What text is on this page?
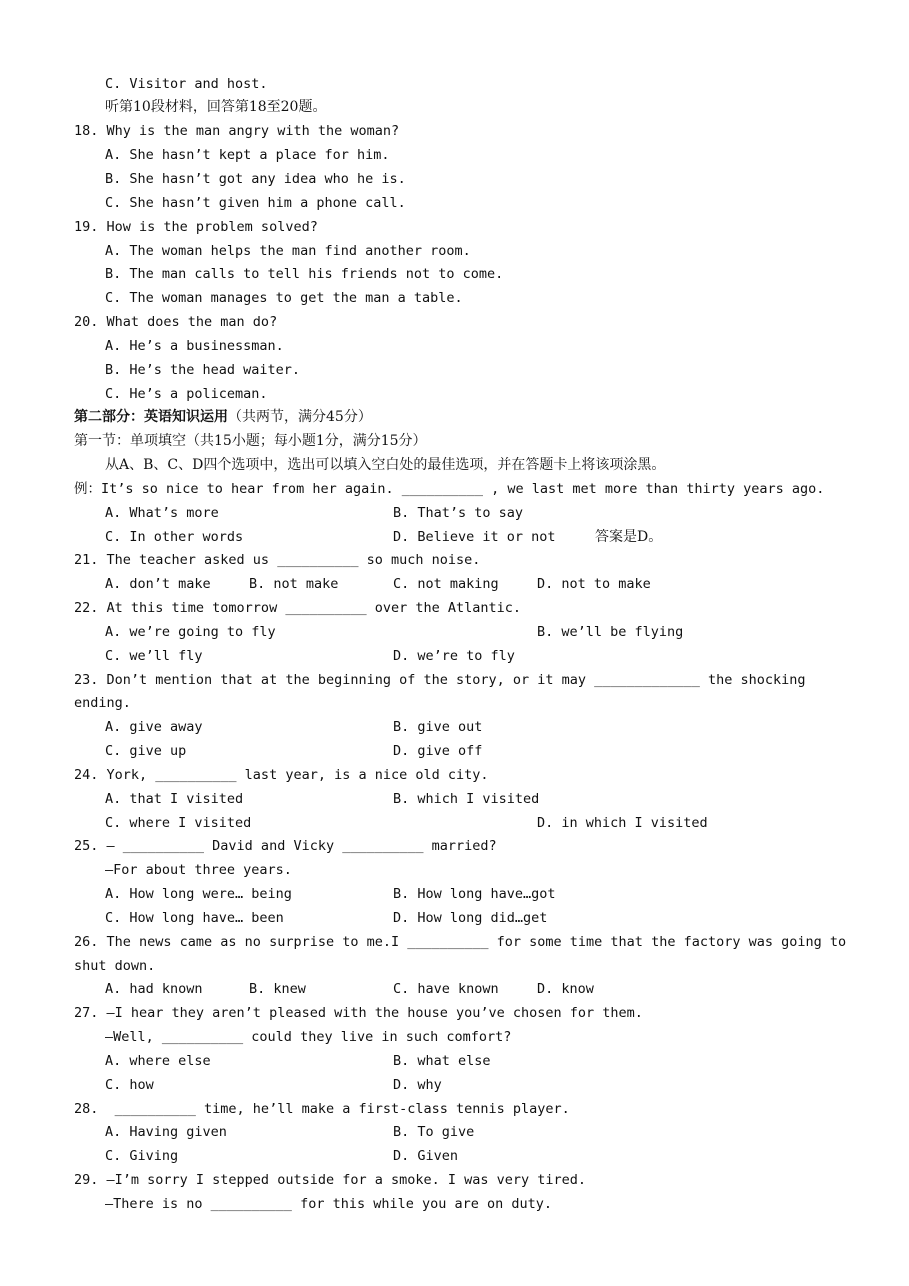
C. Visitor and host.
听第10段材料，回答第18至20题。
18. Why is the man angry with the woman?
A. She hasn’t kept a place for him.
B. She hasn’t got any idea who he is.
C. She hasn’t given him a phone call.
19. How is the problem solved?
A. The woman helps the man find another room.
B. The man calls to tell his friends not to come.
C. The woman manages to get the man a table.
20. What does the man do?
A. He’s a businessman.
B. He’s the head waiter.
C. He’s a policeman.
第二部分：英语知识运用（共两节，满分45分）
第一节：单项填空（共15小题；每小题1分，满分15分）
从A、B、C、D四个选项中，选出可以填入空白处的最佳选项，并在答题卡上将该项涂黑。
例：It’s so nice to hear from her again. __________ , we last met more than thirty years ago.
A. What’s more	B. That’s to say
C. In other words	D. Believe it or not	答案是D。
21. The teacher asked us __________ so much noise.
A. don’t make	B. not make	C. not making	D. not to make
22. At this time tomorrow __________ over the Atlantic.
A. we’re going to fly	B. we’ll be flying
C. we’ll fly	D. we’re to fly
23. Don’t mention that at the beginning of the story, or it may _____________ the shocking
ending.
A. give away	B. give out
C. give up	D. give off
24. York, __________ last year, is a nice old city.
A. that I visited	B. which I visited
C. where I visited	D. in which I visited
25. — __________ David and Vicky __________ married?
—For about three years.
A. How long were… being	B. How long have…got
C. How long have… been	D. How long did…get
26. The news came as no surprise to me.I __________ for some time that the factory was going to
shut down.
A. had known	B. knew	C. have known	D. know
27. —I hear they aren’t pleased with the house you’ve chosen for them.
—Well, __________ could they live in such comfort?
A. where else	B. what else
C. how	D. why
28.  __________ time, he’ll make a first-class tennis player.
A. Having given	B. To give
C. Giving	D. Given
29. —I’m sorry I stepped outside for a smoke. I was very tired.
—There is no __________ for this while you are on duty.
